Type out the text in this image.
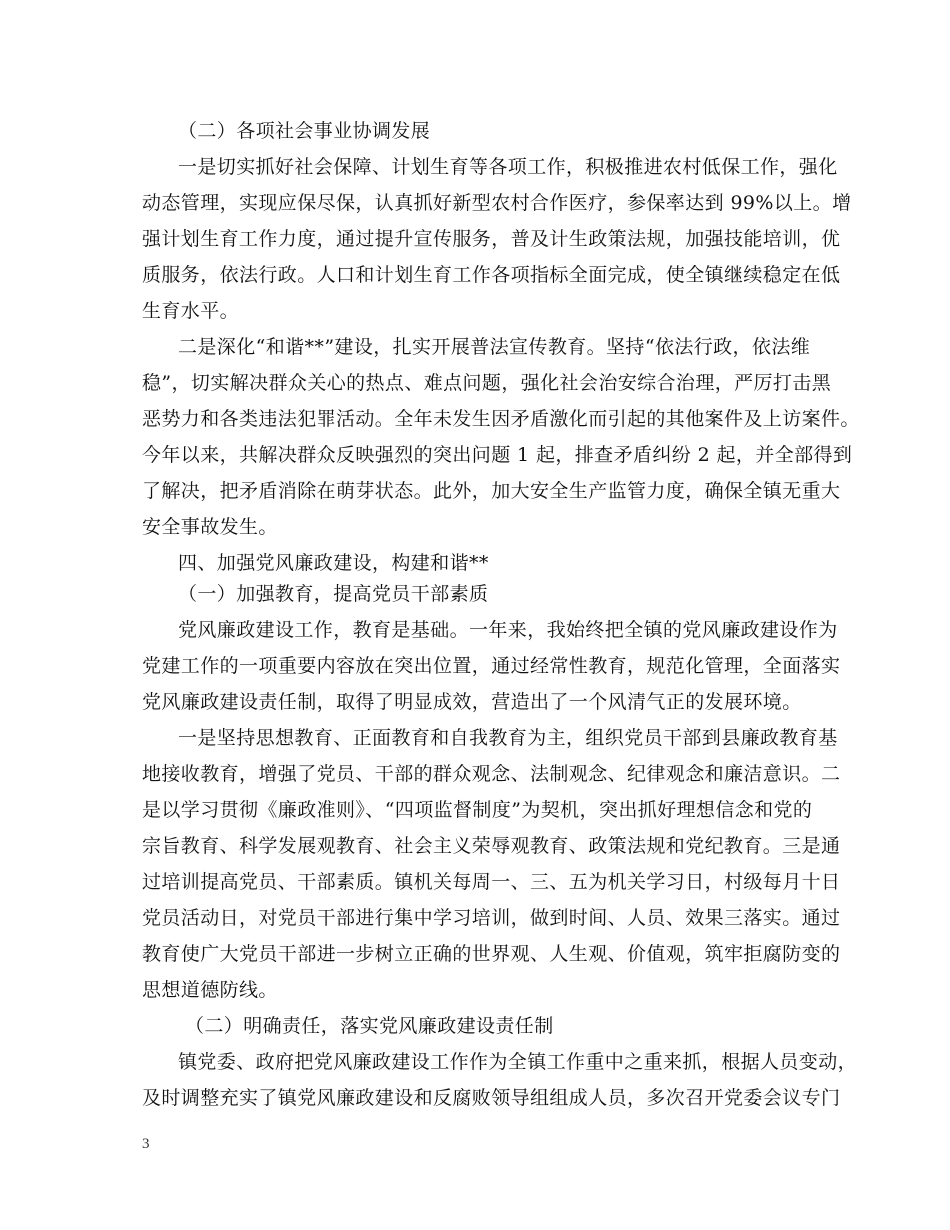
（二）各项社会事业协调发展
一是切实抓好社会保障、计划生育等各项工作，积极推进农村低保工作，强化
动态管理，实现应保尽保，认真抓好新型农村合作医疗，参保率达到 99%以上。增
强计划生育工作力度，通过提升宣传服务，普及计生政策法规，加强技能培训，优
质服务，依法行政。人口和计划生育工作各项指标全面完成，使全镇继续稳定在低
生育水平。
二是深化“和谐**”建设，扎实开展普法宣传教育。坚持“依法行政，依法维
稳”，切实解决群众关心的热点、难点问题，强化社会治安综合治理，严厉打击黑
恶势力和各类违法犯罪活动。全年未发生因矛盾激化而引起的其他案件及上访案件。
今年以来，共解决群众反映强烈的突出问题 1 起，排查矛盾纠纷 2 起，并全部得到
了解决，把矛盾消除在萌芽状态。此外，加大安全生产监管力度，确保全镇无重大
安全事故发生。
四、加强党风廉政建设，构建和谐**
（一）加强教育，提高党员干部素质
党风廉政建设工作，教育是基础。一年来，我始终把全镇的党风廉政建设作为
党建工作的一项重要内容放在突出位置，通过经常性教育，规范化管理，全面落实
党风廉政建设责任制，取得了明显成效，营造出了一个风清气正的发展环境。
一是坚持思想教育、正面教育和自我教育为主，组织党员干部到县廉政教育基
地接收教育，增强了党员、干部的群众观念、法制观念、纪律观念和廉洁意识。二
是以学习贯彻《廉政准则》、“四项监督制度”为契机，突出抓好理想信念和党的
宗旨教育、科学发展观教育、社会主义荣辱观教育、政策法规和党纪教育。三是通
过培训提高党员、干部素质。镇机关每周一、三、五为机关学习日，村级每月十日
党员活动日，对党员干部进行集中学习培训，做到时间、人员、效果三落实。通过
教育使广大党员干部进一步树立正确的世界观、人生观、价值观，筑牢拒腐防变的
思想道德防线。
（二）明确责任，落实党风廉政建设责任制
镇党委、政府把党风廉政建设工作作为全镇工作重中之重来抓，根据人员变动，
及时调整充实了镇党风廉政建设和反腐败领导组组成人员，多次召开党委会议专门
3
